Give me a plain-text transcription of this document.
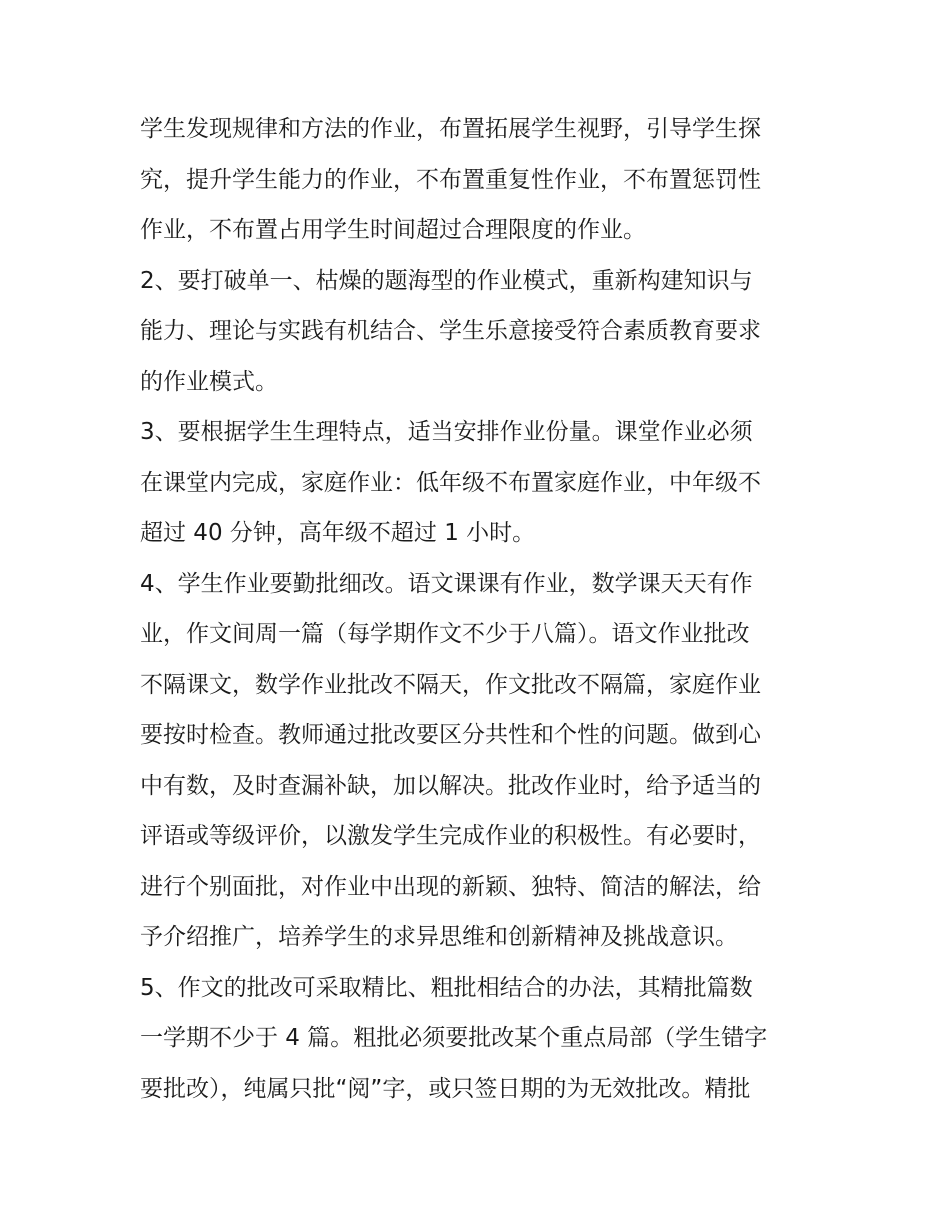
学生发现规律和方法的作业，布置拓展学生视野，引导学生探
究，提升学生能力的作业，不布置重复性作业，不布置惩罚性
作业，不布置占用学生时间超过合理限度的作业。

2、要打破单一、枯燥的题海型的作业模式，重新构建知识与
能力、理论与实践有机结合、学生乐意接受符合素质教育要求
的作业模式。

3、要根据学生生理特点，适当安排作业份量。课堂作业必须
在课堂内完成，家庭作业：低年级不布置家庭作业，中年级不
超过 40 分钟，高年级不超过 1 小时。

4、学生作业要勤批细改。语文课课有作业，数学课天天有作
业，作文间周一篇（每学期作文不少于八篇）。语文作业批改
不隔课文，数学作业批改不隔天，作文批改不隔篇，家庭作业
要按时检查。教师通过批改要区分共性和个性的问题。做到心
中有数，及时查漏补缺，加以解决。批改作业时，给予适当的
评语或等级评价，以激发学生完成作业的积极性。有必要时，
进行个别面批，对作业中出现的新颖、独特、简洁的解法，给
予介绍推广，培养学生的求异思维和创新精神及挑战意识。

5、作文的批改可采取精比、粗批相结合的办法，其精批篇数
一学期不少于 4 篇。粗批必须要批改某个重点局部（学生错字
要批改），纯属只批“阅”字，或只签日期的为无效批改。精批
